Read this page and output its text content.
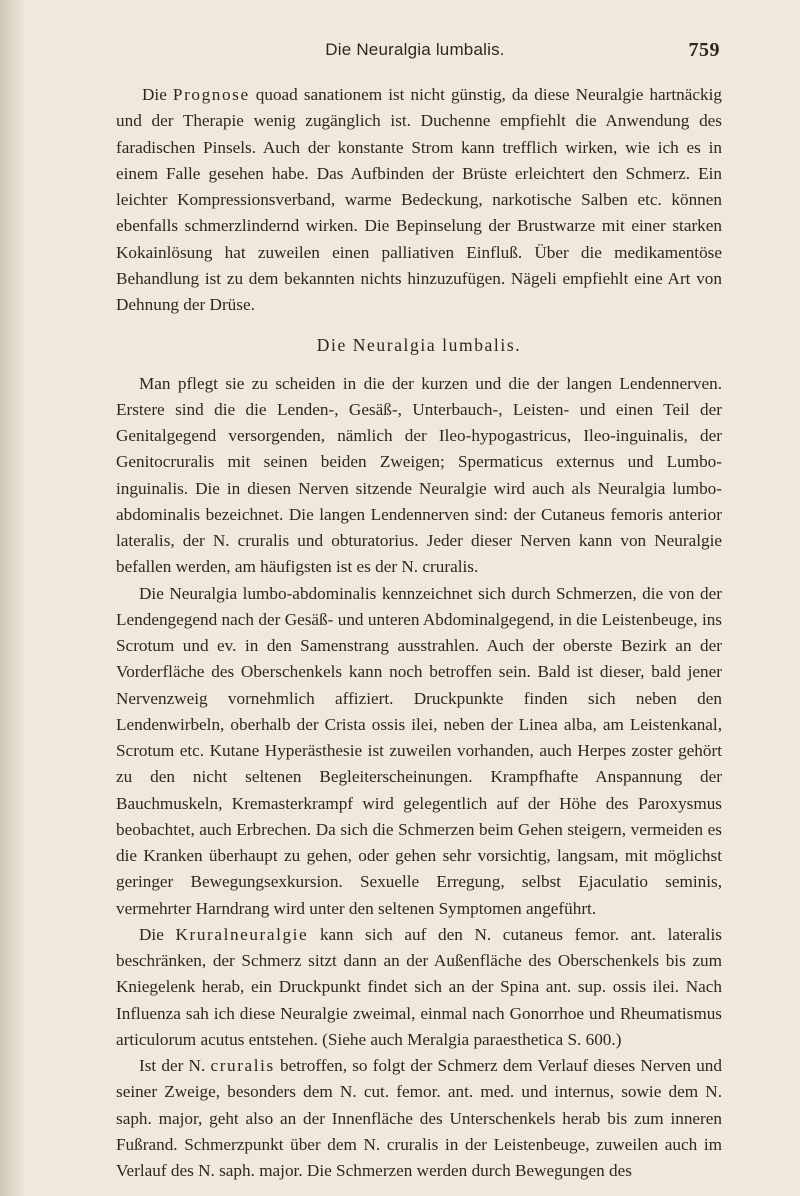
Die Neuralgia lumbalis.	759

Die Prognose quoad sanationem ist nicht günstig, da diese Neuralgie hartnäckig und der Therapie wenig zugänglich ist. Duchenne empfiehlt die Anwendung des faradischen Pinsels. Auch der konstante Strom kann trefflich wirken, wie ich es in einem Falle gesehen habe. Das Aufbinden der Brüste erleichtert den Schmerz. Ein leichter Kompressionsverband, warme Bedeckung, narkotische Salben etc. können ebenfalls schmerzlindernd wirken. Die Bepinselung der Brustwarze mit einer starken Kokainlösung hat zuweilen einen palliativen Einfluß. Über die medikamentöse Behandlung ist zu dem bekannten nichts hinzuzufügen. Nägeli empfiehlt eine Art von Dehnung der Drüse.

Die Neuralgia lumbalis.

Man pflegt sie zu scheiden in die der kurzen und die der langen Lendennerven. Erstere sind die die Lenden-, Gesäß-, Unterbauch-, Leisten- und einen Teil der Genitalgegend versorgenden, nämlich der Ileo-hypogastricus, Ileo-inguinalis, der Genitocruralis mit seinen beiden Zweigen; Spermaticus externus und Lumbo-inguinalis. Die in diesen Nerven sitzende Neuralgie wird auch als Neuralgia lumbo-abdominalis bezeichnet. Die langen Lendennerven sind: der Cutaneus femoris anterior lateralis, der N. cruralis und obturatorius. Jeder dieser Nerven kann von Neuralgie befallen werden, am häufigsten ist es der N. cruralis.

Die Neuralgia lumbo-abdominalis kennzeichnet sich durch Schmerzen, die von der Lendengegend nach der Gesäß- und unteren Abdominalgegend, in die Leistenbeuge, ins Scrotum und ev. in den Samenstrang ausstrahlen. Auch der oberste Bezirk an der Vorderfläche des Oberschenkels kann noch betroffen sein. Bald ist dieser, bald jener Nervenzweig vornehmlich affiziert. Druckpunkte finden sich neben den Lendenwirbeln, oberhalb der Crista ossis ilei, neben der Linea alba, am Leistenkanal, Scrotum etc. Kutane Hyperästhesie ist zuweilen vorhanden, auch Herpes zoster gehört zu den nicht seltenen Begleiterscheinungen. Krampfhafte Anspannung der Bauchmuskeln, Kremasterkrampf wird gelegentlich auf der Höhe des Paroxysmus beobachtet, auch Erbrechen. Da sich die Schmerzen beim Gehen steigern, vermeiden es die Kranken überhaupt zu gehen, oder gehen sehr vorsichtig, langsam, mit möglichst geringer Bewegungsexkursion. Sexuelle Erregung, selbst Ejaculatio seminis, vermehrter Harndrang wird unter den seltenen Symptomen angeführt.

Die Kruralneuralgie kann sich auf den N. cutaneus femor. ant. lateralis beschränken, der Schmerz sitzt dann an der Außenfläche des Oberschenkels bis zum Kniegelenk herab, ein Druckpunkt findet sich an der Spina ant. sup. ossis ilei. Nach Influenza sah ich diese Neuralgie zweimal, einmal nach Gonorrhoe und Rheumatismus articulorum acutus entstehen. (Siehe auch Meralgia paraesthetica S. 600.)

Ist der N. cruralis betroffen, so folgt der Schmerz dem Verlauf dieses Nerven und seiner Zweige, besonders dem N. cut. femor. ant. med. und internus, sowie dem N. saph. major, geht also an der Innenfläche des Unterschenkels herab bis zum inneren Fußrand. Schmerzpunkt über dem N. cruralis in der Leistenbeuge, zuweilen auch im Verlauf des N. saph. major. Die Schmerzen werden durch Bewegungen des
